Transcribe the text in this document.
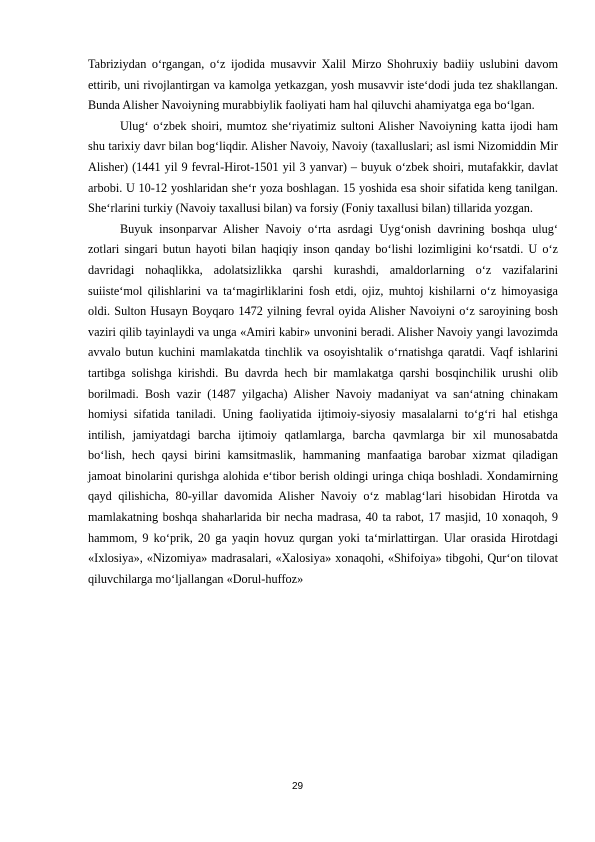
Tabriziydan o‘rgangan, o‘z ijodida musavvir Xalil Mirzo Shohruxiy badiiy uslubini davom ettirib, uni rivojlantirgan va kamolga yetkazgan, yosh musavvir iste‘dodi juda tez shakllangan. Bunda Alisher Navoiyning murabbiylik faoliyati ham hal qiluvchi ahamiyatga ega bo‘lgan.

Ulug‘ o‘zbek shoiri, mumtoz she‘riyatimiz sultoni Alisher Navoiyning katta ijodi ham shu tarixiy davr bilan bog‘liqdir. Alisher Navoiy, Navoiy (taxalluslari; asl ismi Nizomiddin Mir Alisher) (1441 yil 9 fevral-Hirot-1501 yil 3 yanvar) – buyuk o‘zbek shoiri, mutafakkir, davlat arbobi. U 10-12 yoshlaridan she‘r yoza boshlagan. 15 yoshida esa shoir sifatida keng tanilgan. She‘rlarini turkiy (Navoiy taxallusi bilan) va forsiy (Foniy taxallusi bilan) tillarida yozgan.

Buyuk insonparvar Alisher Navoiy o‘rta asrdagi Uyg‘onish davrining boshqa ulug‘ zotlari singari butun hayoti bilan haqiqiy inson qanday bo‘lishi lozimligini ko‘rsatdi. U o‘z davridagi nohaqlikka, adolatsizlikka qarshi kurashdi, amaldorlarning o‘z vazifalarini suiiste‘mol qilishlarini va ta‘magirliklarini fosh etdi, ojiz, muhtoj kishilarni o‘z himoyasiga oldi. Sulton Husayn Boyqaro 1472 yilning fevral oyida Alisher Navoiyni o‘z saroyining bosh vaziri qilib tayinlaydi va unga «Amiri kabir» unvonini beradi. Alisher Navoiy yangi lavozimda avvalo butun kuchini mamlakatda tinchlik va osoyishtalik o‘rnatishga qaratdi. Vaqf ishlarini tartibga solishga kirishdi. Bu davrda hech bir mamlakatga qarshi bosqinchilik urushi olib borilmadi. Bosh vazir (1487 yilgacha) Alisher Navoiy madaniyat va san‘atning chinakam homiysi sifatida taniladi. Uning faoliyatida ijtimoiy-siyosiy masalalarni to‘g‘ri hal etishga intilish, jamiyatdagi barcha ijtimoiy qatlamlarga, barcha qavmlarga bir xil munosabatda bo‘lish, hech qaysi birini kamsitmaslik, hammaning manfaatiga barobar xizmat qiladigan jamoat binolarini qurishga alohida e‘tibor berish oldingi uringa chiqa boshladi. Xondamirning qayd qilishicha, 80-yillar davomida Alisher Navoiy o‘z mablag‘lari hisobidan Hirotda va mamlakatning boshqa shaharlarida bir necha madrasa, 40 ta rabot, 17 masjid, 10 xonaqoh, 9 hammom, 9 ko‘prik, 20 ga yaqin hovuz qurgan yoki ta‘mirlattirgan. Ular orasida Hirotdagi «Ixlosiya», «Nizomiya» madrasalari, «Xalosiya» xonaqohi, «Shifoiya» tibgohi, Qur‘on tilovat qiluvchilarga mo‘ljallangan «Dorul-huffoz»

29
